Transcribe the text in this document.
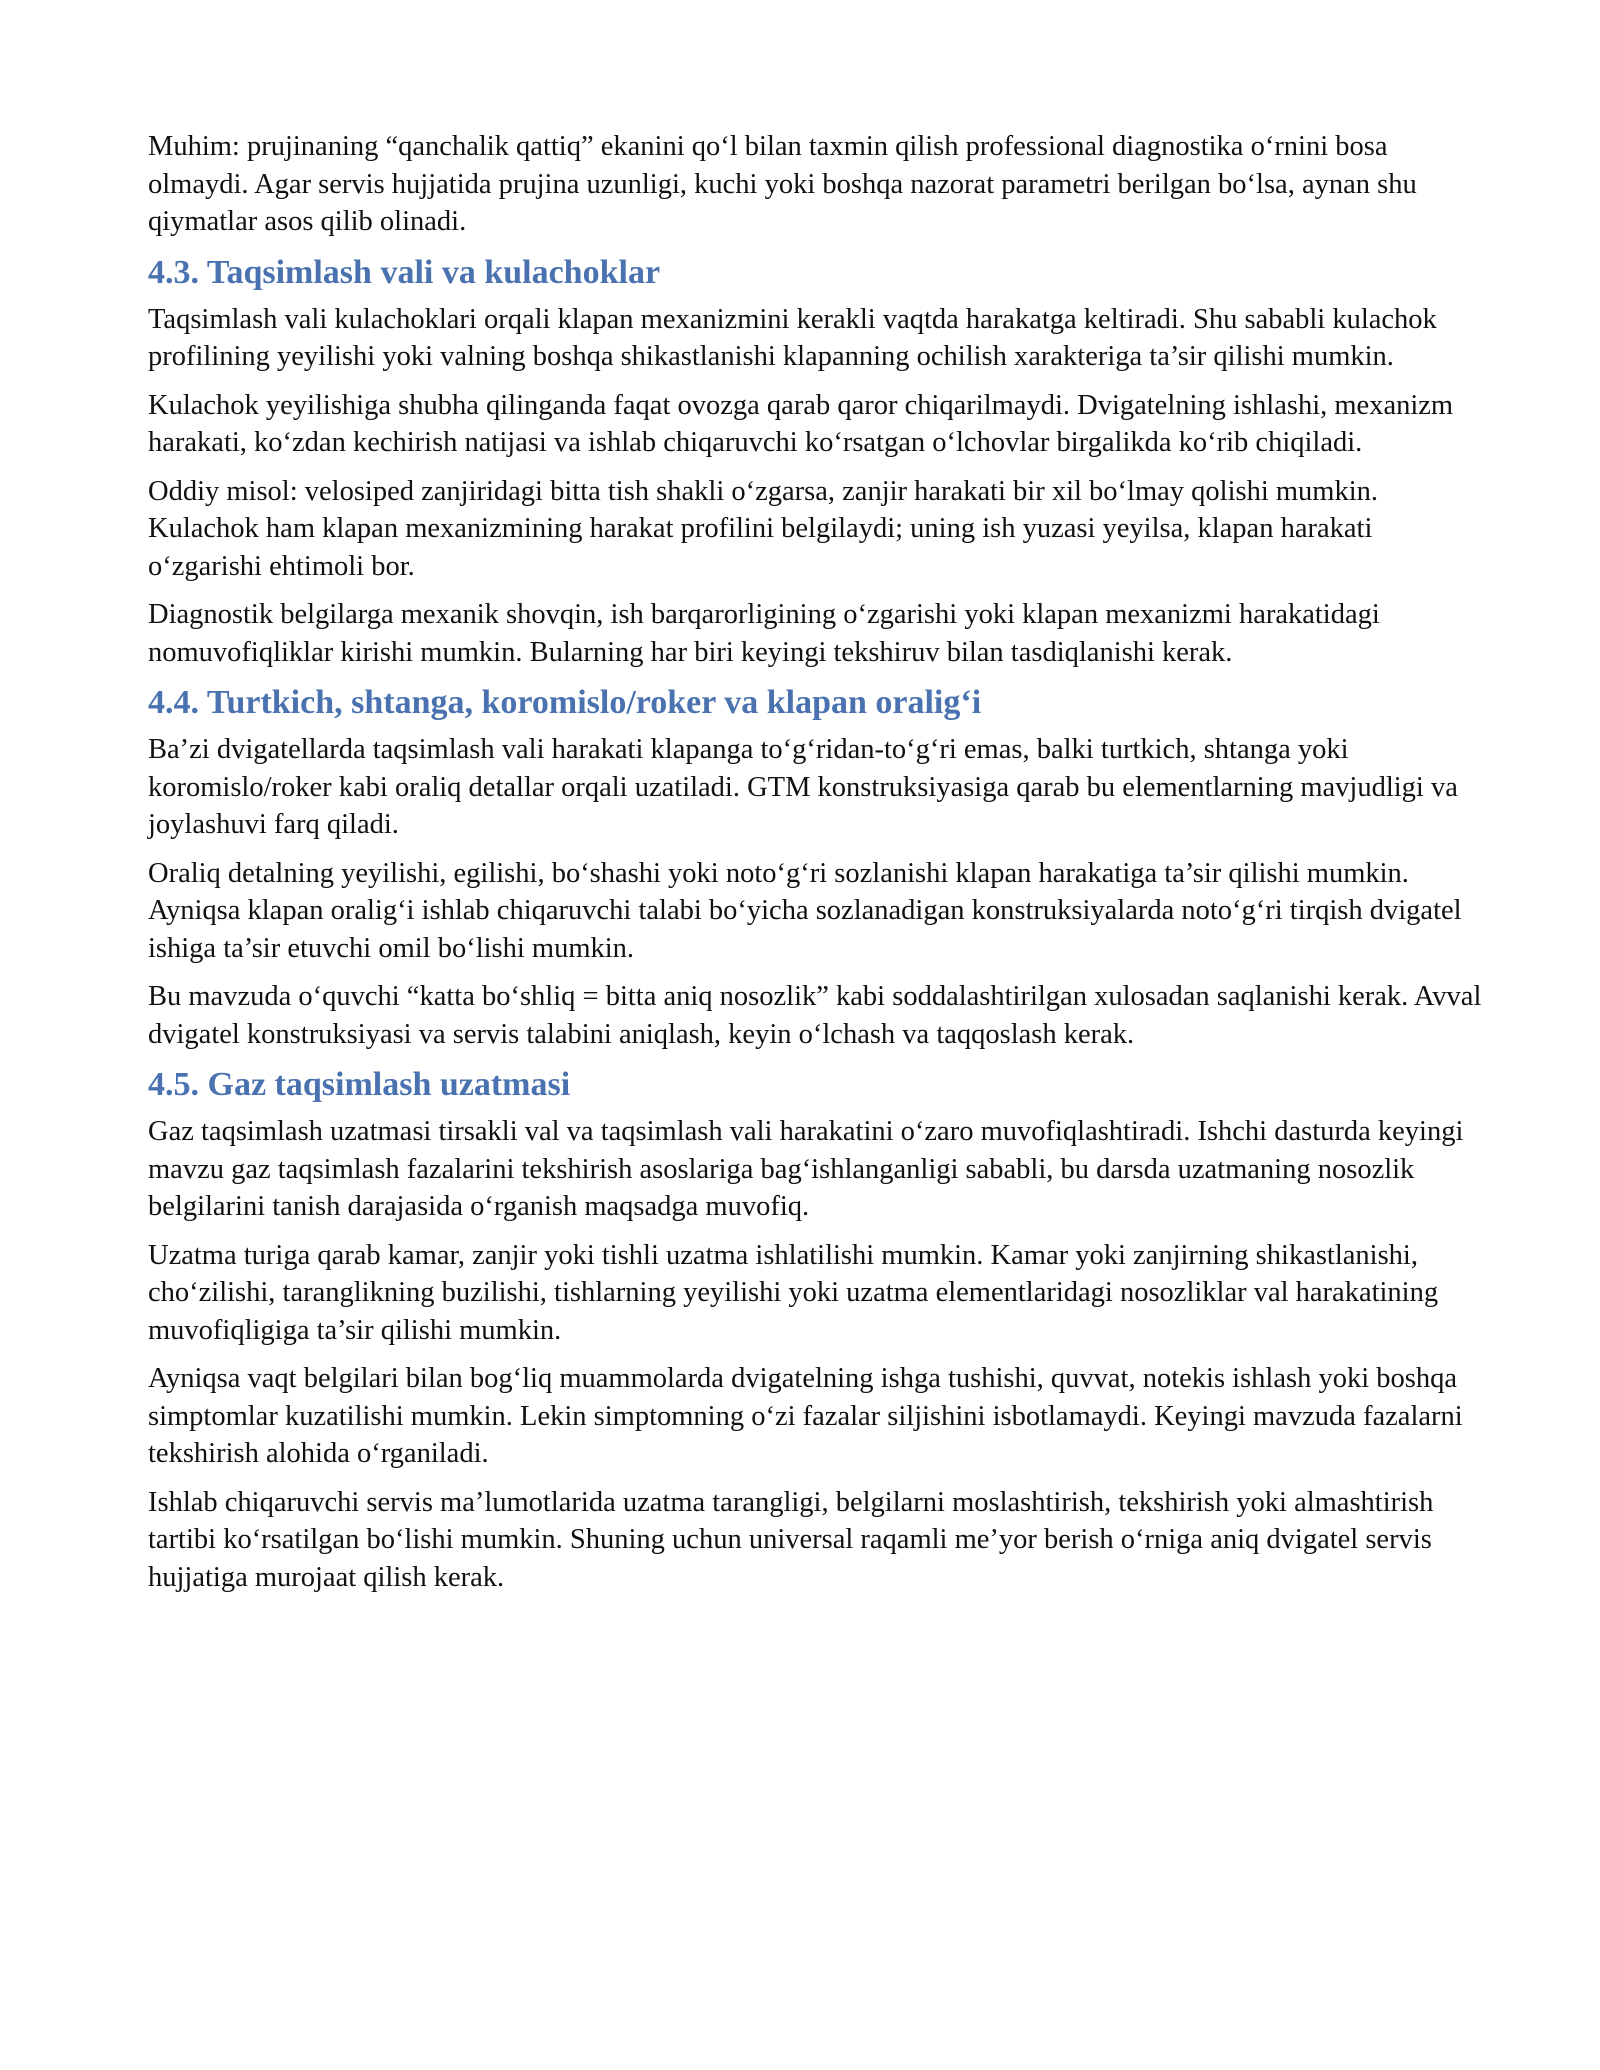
Muhim: prujinaning “qanchalik qattiq” ekanini qo‘l bilan taxmin qilish professional diagnostika o‘rnini bosa olmaydi. Agar servis hujjatida prujina uzunligi, kuchi yoki boshqa nazorat parametri berilgan bo‘lsa, aynan shu qiymatlar asos qilib olinadi.

4.3. Taqsimlash vali va kulachoklar

Taqsimlash vali kulachoklari orqali klapan mexanizmini kerakli vaqtda harakatga keltiradi. Shu sababli kulachok profilining yeyilishi yoki valning boshqa shikastlanishi klapanning ochilish xarakteriga ta’sir qilishi mumkin.

Kulachok yeyilishiga shubha qilinganda faqat ovozga qarab qaror chiqarilmaydi. Dvigatelning ishlashi, mexanizm harakati, ko‘zdan kechirish natijasi va ishlab chiqaruvchi ko‘rsatgan o‘lchovlar birgalikda ko‘rib chiqiladi.

Oddiy misol: velosiped zanjiridagi bitta tish shakli o‘zgarsa, zanjir harakati bir xil bo‘lmay qolishi mumkin. Kulachok ham klapan mexanizmining harakat profilini belgilaydi; uning ish yuzasi yeyilsa, klapan harakati o‘zgarishi ehtimoli bor.

Diagnostik belgilarga mexanik shovqin, ish barqarorligining o‘zgarishi yoki klapan mexanizmi harakatidagi nomuvofiqliklar kirishi mumkin. Bularning har biri keyingi tekshiruv bilan tasdiqlanishi kerak.

4.4. Turtkich, shtanga, koromislo/roker va klapan oralig‘i

Ba’zi dvigatellarda taqsimlash vali harakati klapanga to‘g‘ridan-to‘g‘ri emas, balki turtkich, shtanga yoki koromislo/roker kabi oraliq detallar orqali uzatiladi. GTM konstruksiyasiga qarab bu elementlarning mavjudligi va joylashuvi farq qiladi.

Oraliq detalning yeyilishi, egilishi, bo‘shashi yoki noto‘g‘ri sozlanishi klapan harakatiga ta’sir qilishi mumkin. Ayniqsa klapan oralig‘i ishlab chiqaruvchi talabi bo‘yicha sozlanadigan konstruksiyalarda noto‘g‘ri tirqish dvigatel ishiga ta’sir etuvchi omil bo‘lishi mumkin.

Bu mavzuda o‘quvchi “katta bo‘shliq = bitta aniq nosozlik” kabi soddalashtirilgan xulosadan saqlanishi kerak. Avval dvigatel konstruksiyasi va servis talabini aniqlash, keyin o‘lchash va taqqoslash kerak.

4.5. Gaz taqsimlash uzatmasi

Gaz taqsimlash uzatmasi tirsakli val va taqsimlash vali harakatini o‘zaro muvofiqlashtiradi. Ishchi dasturda keyingi mavzu gaz taqsimlash fazalarini tekshirish asoslariga bag‘ishlanganligi sababli, bu darsda uzatmaning nosozlik belgilarini tanish darajasida o‘rganish maqsadga muvofiq.

Uzatma turiga qarab kamar, zanjir yoki tishli uzatma ishlatilishi mumkin. Kamar yoki zanjirning shikastlanishi, cho‘zilishi, taranglikning buzilishi, tishlarning yeyilishi yoki uzatma elementlaridagi nosozliklar val harakatining muvofiqligiga ta’sir qilishi mumkin.

Ayniqsa vaqt belgilari bilan bog‘liq muammolarda dvigatelning ishga tushishi, quvvat, notekis ishlash yoki boshqa simptomlar kuzatilishi mumkin. Lekin simptomning o‘zi fazalar siljishini isbotlamaydi. Keyingi mavzuda fazalarni tekshirish alohida o‘rganiladi.

Ishlab chiqaruvchi servis ma’lumotlarida uzatma tarangligi, belgilarni moslashtirish, tekshirish yoki almashtirish tartibi ko‘rsatilgan bo‘lishi mumkin. Shuning uchun universal raqamli me’yor berish o‘rniga aniq dvigatel servis hujjatiga murojaat qilish kerak.
